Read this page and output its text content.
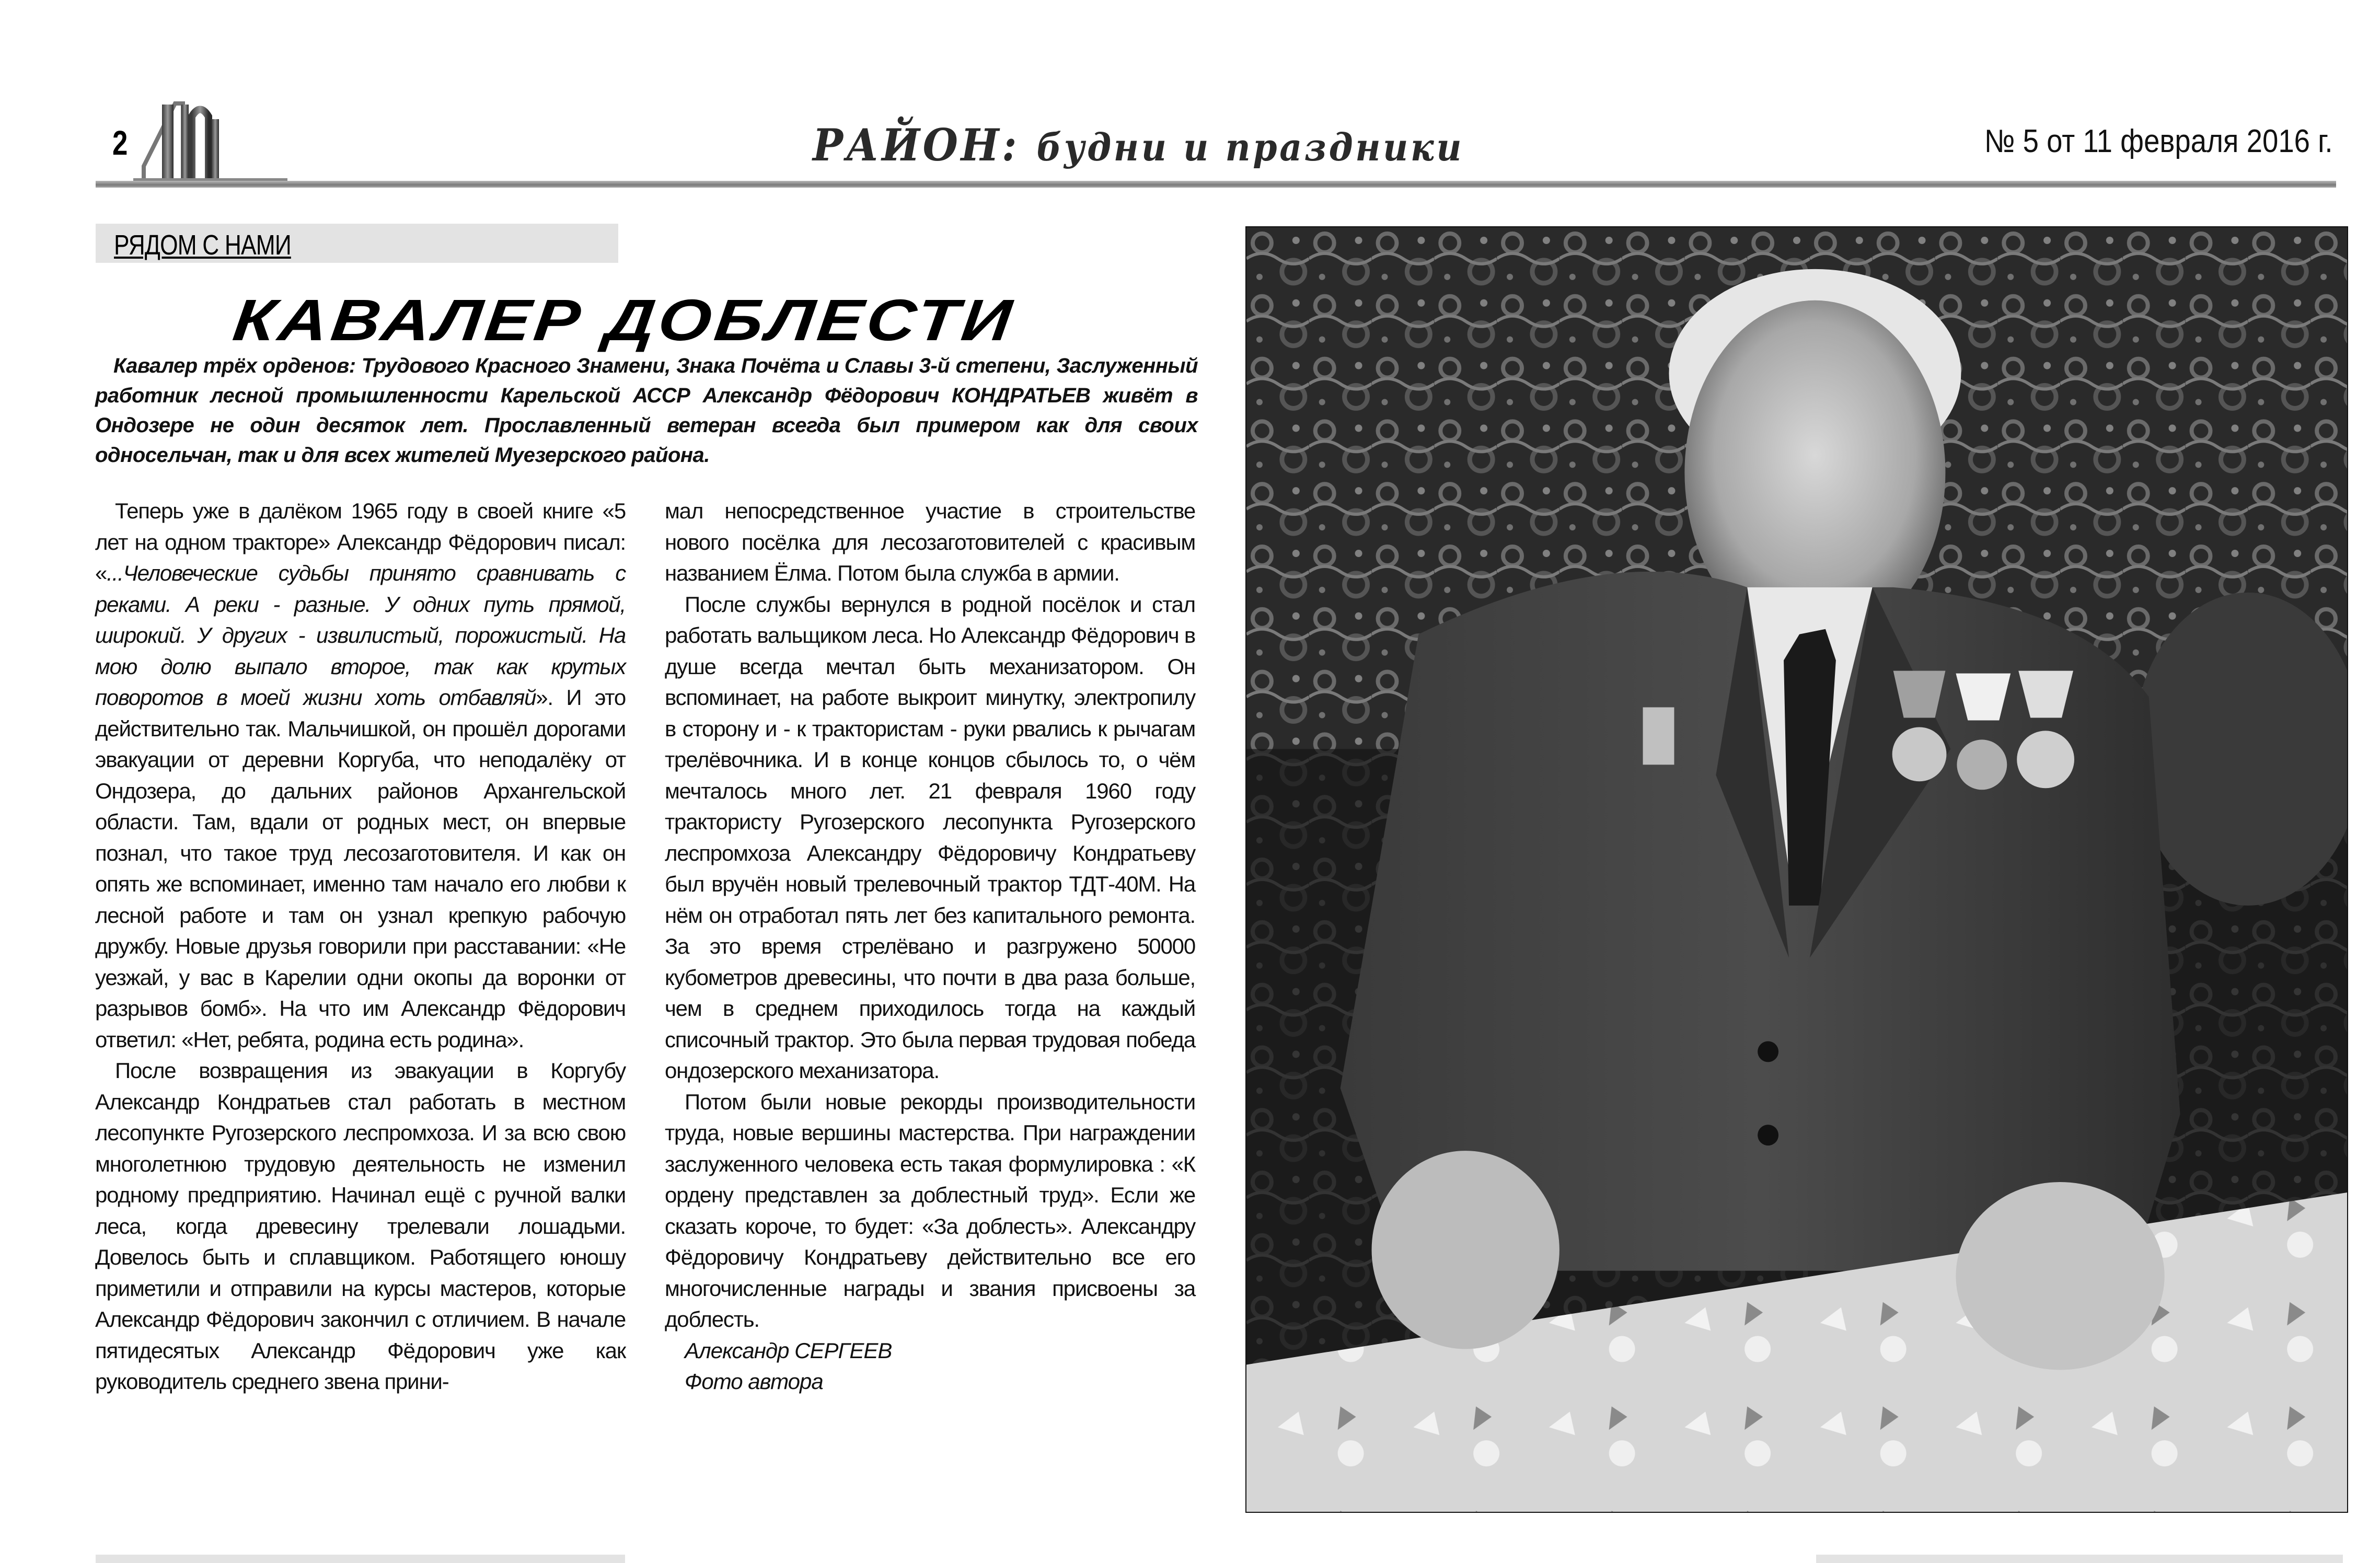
2	РАЙОН: будни и праздники	№ 5 от 11 февраля 2016 г.
РЯДОМ С НАМИ
КАВАЛЕР ДОБЛЕСТИ
Кавалер трёх орденов: Трудового Красного Знамени, Знака Почёта и Славы 3-й степени, Заслуженный работник лесной промышленности Карельской АССР Александр Фёдорович КОНДРАТЬЕВ живёт в Ондозере не один десяток лет. Прославленный ветеран всегда был примером как для своих односельчан, так и для всех жителей Муезерского района.

Теперь уже в далёком 1965 году в своей книге «5 лет на одном тракторе» Александр Фёдорович писал: «...Человеческие судьбы принято сравнивать с реками. А реки - разные. У одних путь прямой, широкий. У других - извилистый, порожистый. На мою долю выпало второе, так как крутых поворотов в моей жизни хоть отбавляй». И это действительно так. Мальчишкой, он прошёл дорогами эвакуации от деревни Коргуба, что неподалёку от Ондозера, до дальних районов Архангельской области. Там, вдали от родных мест, он впервые познал, что такое труд лесозаготовителя. И как он опять же вспоминает, именно там начало его любви к лесной работе и там он узнал крепкую рабочую дружбу. Новые друзья говорили при расставании: «Не уезжай, у вас в Карелии одни окопы да воронки от разрывов бомб». На что им Александр Фёдорович ответил: «Нет, ребята, родина есть родина».

После возвращения из эвакуации в Коргубу Александр Кондратьев стал работать в местном лесопункте Ругозерского леспромхоза. И за всю свою многолетнюю трудовую деятельность не изменил родному предприятию. Начинал ещё с ручной валки леса, когда древесину трелевали лошадьми. Довелось быть и сплавщиком. Работящего юношу приметили и отправили на курсы мастеров, которые Александр Фёдорович закончил с отличием. В начале пятидесятых Александр Фёдорович уже как руководитель среднего звена прини-

мал непосредственное участие в строительстве нового посёлка для лесозаготовителей с красивым названием Ёлма. Потом была служба в армии.

После службы вернулся в родной посёлок и стал работать вальщиком леса. Но Александр Фёдорович в душе всегда мечтал быть механизатором. Он вспоминает, на работе выкроит минутку, электропилу в сторону и - к трактористам - руки рвались к рычагам трелёвочника. И в конце концов сбылось то, о чём мечталось много лет. 21 февраля 1960 году трактористу Ругозерского лесопункта Ругозерского леспромхоза Александру Фёдоровичу Кондратьеву был вручён новый трелевочный трактор ТДТ-40М. На нём он отработал пять лет без капитального ремонта. За это время стрелёвано и разгружено 50000 кубометров древесины, что почти в два раза больше, чем в среднем приходилось тогда на каждый списочный трактор. Это была первая трудовая победа ондозерского механизатора.

Потом были новые рекорды производительности труда, новые вершины мастерства. При награждении заслуженного человека есть такая формулировка : «К ордену представлен за доблестный труд». Если же сказать короче, то будет: «За доблесть». Александру Фёдоровичу Кондратьеву действительно все его многочисленные награды и звания присвоены за доблесть.

Александр СЕРГЕЕВ

Фото автора
